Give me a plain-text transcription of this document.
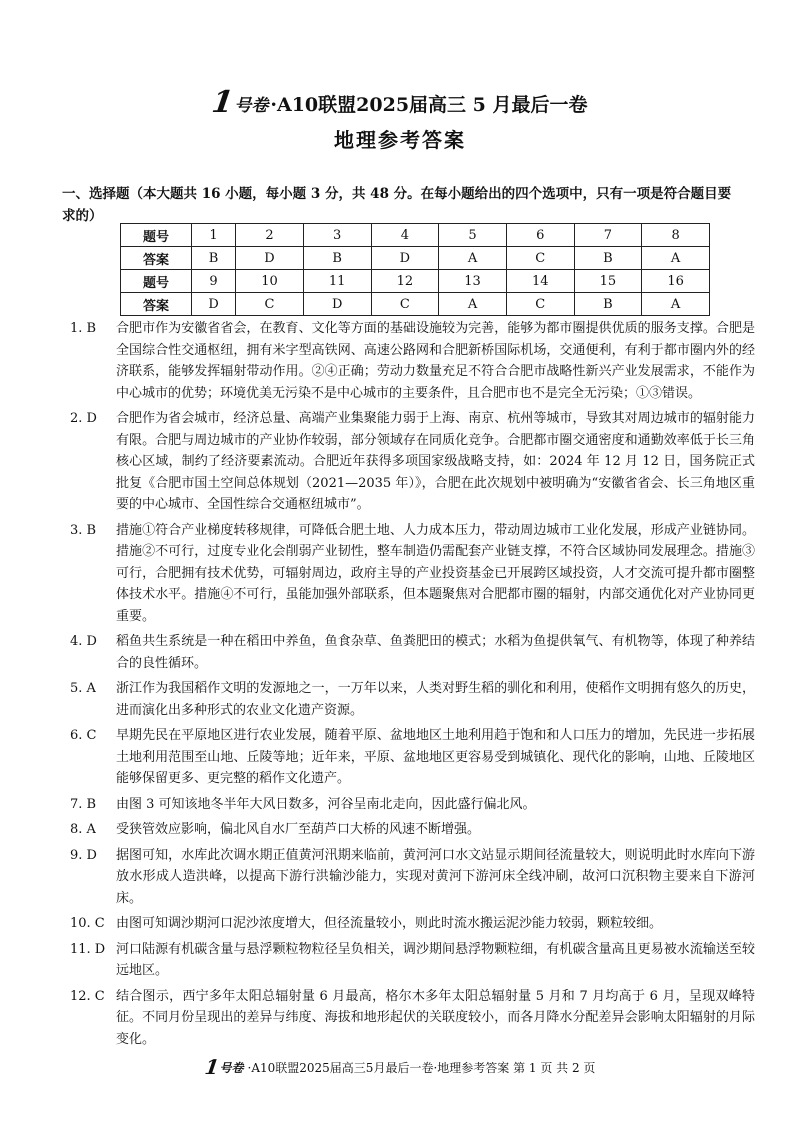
1
号卷 ·A10联盟2025届高三 5 月最后一卷
地理参考答案
一、选择题（本大题共 16 小题，每小题 3 分，共 48 分。在每小题给出的四个选项中，只有一项是符合题目要求的）
题号	1	2	3	4	5	6	7	8
答案	B	D	B	D	A	C	B	A
题号	9	10	11	12	13	14	15	16
答案	D	C	D	C	A	C	B	A
1. B	合肥市作为安徽省省会，在教育、文化等方面的基础设施较为完善，能够为都市圈提供优质的服务支撑。合肥是全国综合性交通枢纽，拥有米字型高铁网、高速公路网和合肥新桥国际机场，交通便利，有利于都市圈内外的经济联系，能够发挥辐射带动作用。②④正确；劳动力数量充足不符合合肥市战略性新兴产业发展需求，不能作为中心城市的优势；环境优美无污染不是中心城市的主要条件，且合肥市也不是完全无污染；①③错误。
2. D	合肥作为省会城市，经济总量、高端产业集聚能力弱于上海、南京、杭州等城市，导致其对周边城市的辐射能力有限。合肥与周边城市的产业协作较弱，部分领域存在同质化竞争。合肥都市圈交通密度和通勤效率低于长三角核心区域，制约了经济要素流动。合肥近年获得多项国家级战略支持，如：2024 年 12 月 12 日，国务院正式批复《合肥市国土空间总体规划（2021—2035 年）》，合肥在此次规划中被明确为“安徽省省会、长三角地区重要的中心城市、全国性综合交通枢纽城市”。
3. B	措施①符合产业梯度转移规律，可降低合肥土地、人力成本压力，带动周边城市工业化发展，形成产业链协同。措施②不可行，过度专业化会削弱产业韧性，整车制造仍需配套产业链支撑，不符合区域协同发展理念。措施③可行，合肥拥有技术优势，可辐射周边，政府主导的产业投资基金已开展跨区域投资，人才交流可提升都市圈整体技术水平。措施④不可行，虽能加强外部联系，但本题聚焦对合肥都市圈的辐射，内部交通优化对产业协同更重要。
4. D	稻鱼共生系统是一种在稻田中养鱼，鱼食杂草、鱼粪肥田的模式；水稻为鱼提供氧气、有机物等，体现了种养结合的良性循环。
5. A	浙江作为我国稻作文明的发源地之一，一万年以来，人类对野生稻的驯化和利用，使稻作文明拥有悠久的历史，进而演化出多种形式的农业文化遗产资源。
6. C	早期先民在平原地区进行农业发展，随着平原、盆地地区土地利用趋于饱和和人口压力的增加，先民进一步拓展土地利用范围至山地、丘陵等地；近年来，平原、盆地地区更容易受到城镇化、现代化的影响，山地、丘陵地区能够保留更多、更完整的稻作文化遗产。
7. B	由图 3 可知该地冬半年大风日数多，河谷呈南北走向，因此盛行偏北风。
8. A	受狭管效应影响，偏北风自水厂至葫芦口大桥的风速不断增强。
9. D	据图可知，水库此次调水期正值黄河汛期来临前，黄河河口水文站显示期间径流量较大，则说明此时水库向下游放水形成人造洪峰，以提高下游行洪输沙能力，实现对黄河下游河床全线冲刷，故河口沉积物主要来自下游河床。
10. C 由图可知调沙期河口泥沙浓度增大，但径流量较小，则此时流水搬运泥沙能力较弱，颗粒较细。
11. D 河口陆源有机碳含量与悬浮颗粒物粒径呈负相关，调沙期间悬浮物颗粒细，有机碳含量高且更易被水流输送至较远地区。
12. C 结合图示，西宁多年太阳总辐射量 6 月最高，格尔木多年太阳总辐射量 5 月和 7 月均高于 6 月，呈现双峰特征。不同月份呈现出的差异与纬度、海拔和地形起伏的关联度较小，而各月降水分配差异会影响太阳辐射的月际变化。
1 号卷 ·A10联盟2025届高三5月最后一卷·地理参考答案 第 1 页 共 2 页
